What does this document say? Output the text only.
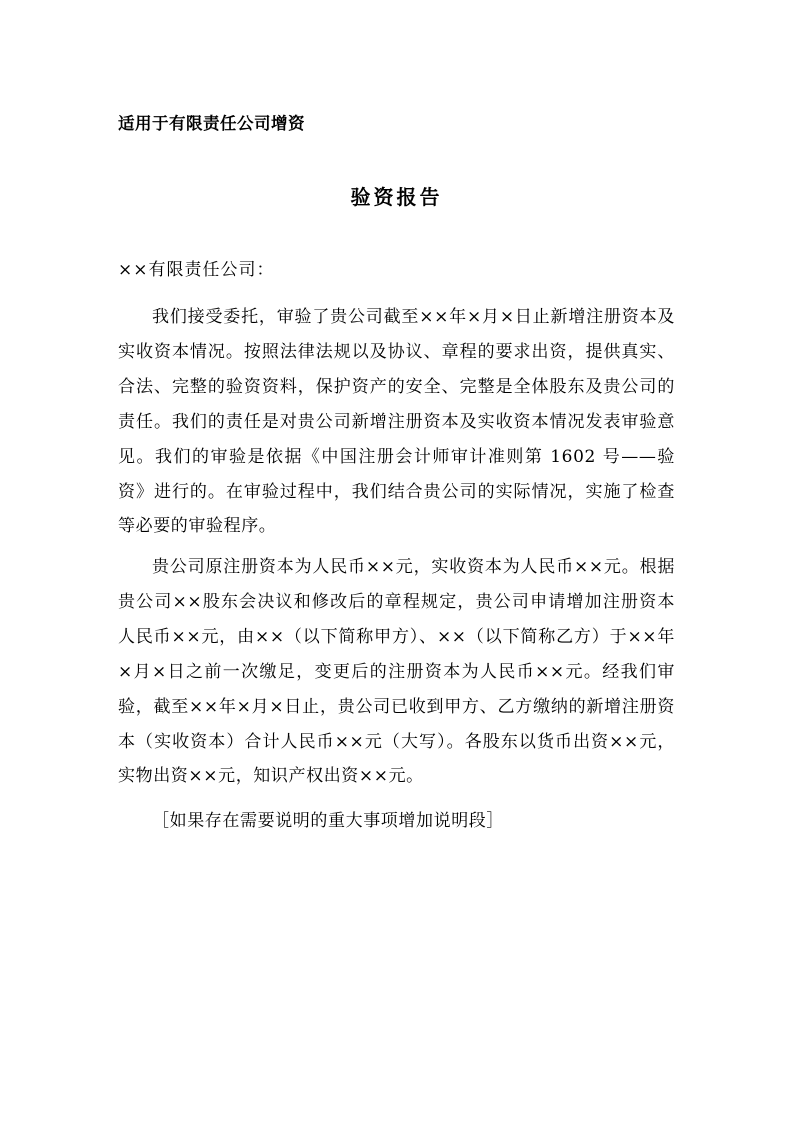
适用于有限责任公司增资
验资报告
××有限责任公司：

我们接受委托，审验了贵公司截至××年×月×日止新增注册资本及实收资本情况。按照法律法规以及协议、章程的要求出资，提供真实、合法、完整的验资资料，保护资产的安全、完整是全体股东及贵公司的责任。我们的责任是对贵公司新增注册资本及实收资本情况发表审验意见。我们的审验是依据《中国注册会计师审计准则第 1602 号——验资》进行的。在审验过程中，我们结合贵公司的实际情况，实施了检查等必要的审验程序。

贵公司原注册资本为人民币××元，实收资本为人民币××元。根据贵公司××股东会决议和修改后的章程规定，贵公司申请增加注册资本人民币××元，由××（以下简称甲方）、××（以下简称乙方）于××年×月×日之前一次缴足，变更后的注册资本为人民币××元。经我们审验，截至××年×月×日止，贵公司已收到甲方、乙方缴纳的新增注册资本（实收资本）合计人民币××元（大写）。各股东以货币出资××元，实物出资××元，知识产权出资××元。

［如果存在需要说明的重大事项增加说明段］
